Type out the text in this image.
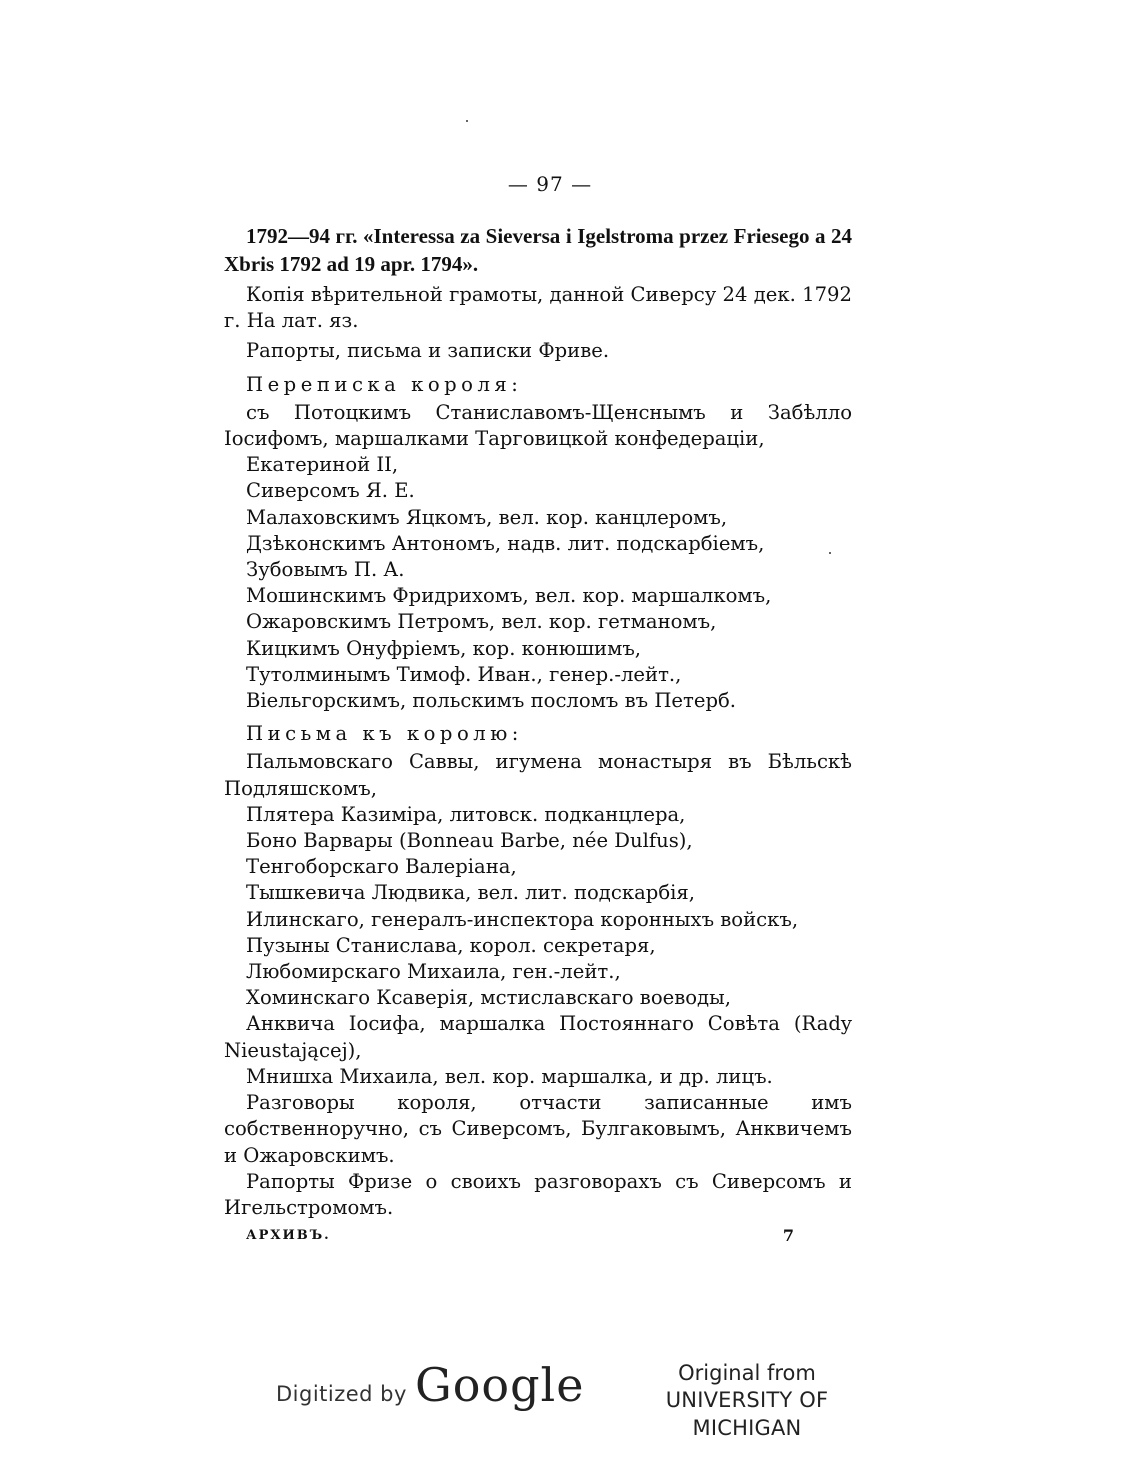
— 97 —

1792—94 гг. «Interessa za Sieversa i Igelstroma przez Friesego a 24 Xbris 1792 ad 19 apr. 1794».

Копія вѣрительной грамоты, данной Сиверсу 24 дек. 1792 г. На лат. яз.

Рапорты, письма и записки Фриве.

Переписка короля:

съ Потоцкимъ Станиславомъ-Щенснымъ и Забѣлло Іосифомъ, маршалками Тарговицкой конфедераціи,

Екатериной II,

Сиверсомъ Я. Е.

Малаховскимъ Яцкомъ, вел. кор. канцлеромъ,

Дзѣконскимъ Антономъ, надв. лит. подскарбіемъ,

Зубовымъ П. А.

Мошинскимъ Фридрихомъ, вел. кор. маршалкомъ,

Ожаровскимъ Петромъ, вел. кор. гетманомъ,

Кицкимъ Онуфріемъ, кор. конюшимъ,

Тутолминымъ Тимоф. Иван., генер.-лейт.,

Віельгорскимъ, польскимъ посломъ въ Петерб.

Письма къ королю:

Пальмовскаго Саввы, игумена монастыря въ Бѣльскѣ Подляшскомъ,

Плятера Казиміра, литовск. подканцлера,

Боно Варвары (Bonneau Barbe, née Dulfus),

Тенгоборскаго Валеріана,

Тышкевича Людвика, вел. лит. подскарбія,

Илинскаго, генералъ-инспектора коронныхъ войскъ,

Пузыны Станислава, корол. секретаря,

Любомирскаго Михаила, ген.-лейт.,

Хоминскаго Ксаверія, мстиславскаго воеводы,

Анквича Іосифа, маршалка Постояннаго Совѣта (Rady Nieustającej),

Мнишха Михаила, вел. кор. маршалка, и др. лицъ.

Разговоры короля, отчасти записанные имъ собственноручно, съ Сиверсомъ, Булгаковымъ, Анквичемъ и Ожаровскимъ.

Рапорты Фризе о своихъ разговорахъ съ Сиверсомъ и Игельстромомъ.

АРХИВЪ.	7
Digitized by Google	Original from
UNIVERSITY OF MICHIGAN
